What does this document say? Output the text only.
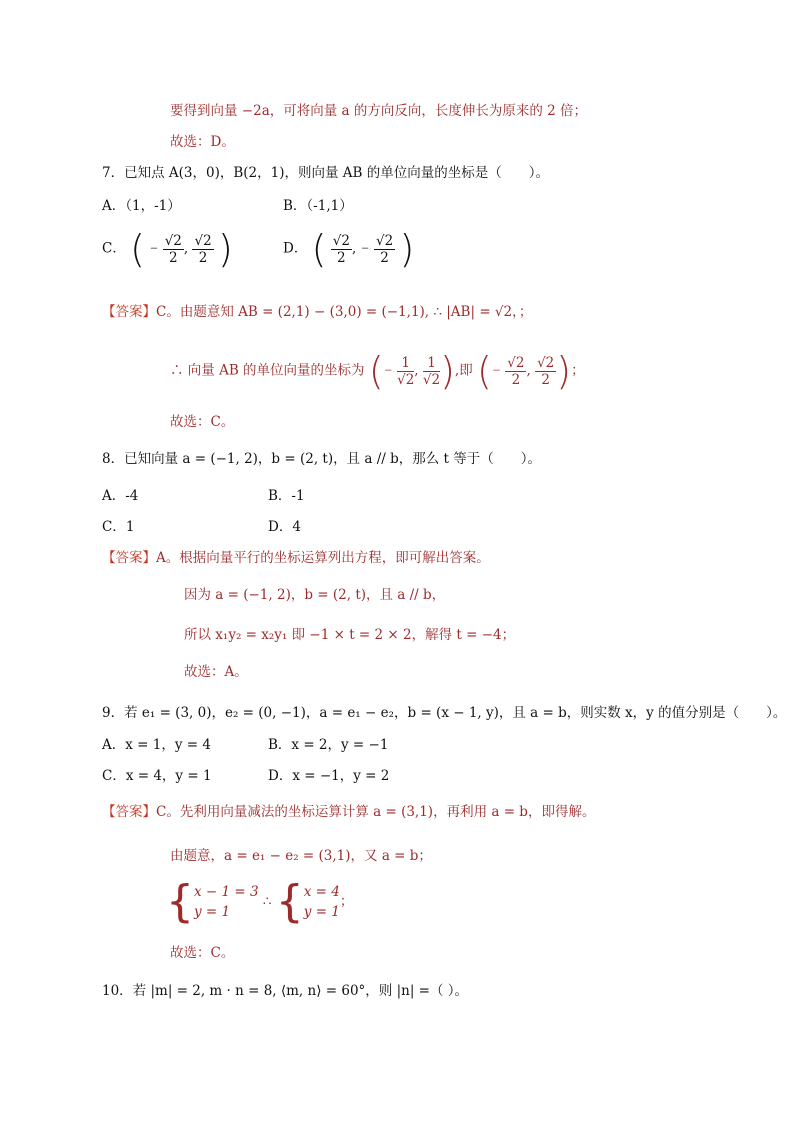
要得到向量 −2a，可将向量 a 的方向反向，长度伸长为原来的 2 倍；
故选：D。
7．已知点 A(3，0)，B(2，1)，则向量 AB 的单位向量的坐标是（　　）。
A．（1，-1）	B．（-1,1）
C． ( − $\frac{√2}{2}$ , $\frac{√2}{2}$ )	D． ( $\frac{√2}{2}$ , − $\frac{√2}{2}$ )
【答案】C。由题意知 AB = (2,1) − (3,0) = (−1,1), ∴ |AB| = √2，；
∴ 向量 AB 的单位向量的坐标为 (− $\frac{1}{√2}$ , $\frac{1}{√2}$ ),即 (− $\frac{√2}{2}$ , $\frac{√2}{2}$ )；
故选：C。
8．已知向量 a = (−1, 2)，b = (2, t)，且 a // b，那么 t 等于（　　）。
A．-4	B．-1
C．1	D．4
【答案】A。根据向量平行的坐标运算列出方程，即可解出答案。
因为 a = (−1, 2)，b = (2, t)，且 a // b，
所以 x₁y₂ = x₂y₁ 即 −1 × t = 2 × 2，解得 t = −4；
故选：A。
9．若 e₁ = (3, 0)，e₂ = (0, −1)，a = e₁ − e₂，b = (x − 1, y)，且 a = b，则实数 x，y 的值分别是（　　）。
A．x = 1，y = 4	B．x = 2，y = −1
C．x = 4，y = 1	D．x = −1，y = 2
【答案】C。先利用向量减法的坐标运算计算 a = (3,1)，再利用 a = b，即得解。
由题意，a = e₁ − e₂ = (3,1)，又 a = b；
{ x − 1 = 3
y = 1
∴ { x = 4
y = 1
；
故选：C。
10．若 |m| = 2, m · n = 8, ⟨m, n⟩ = 60°，则 |n| =（ ）。
